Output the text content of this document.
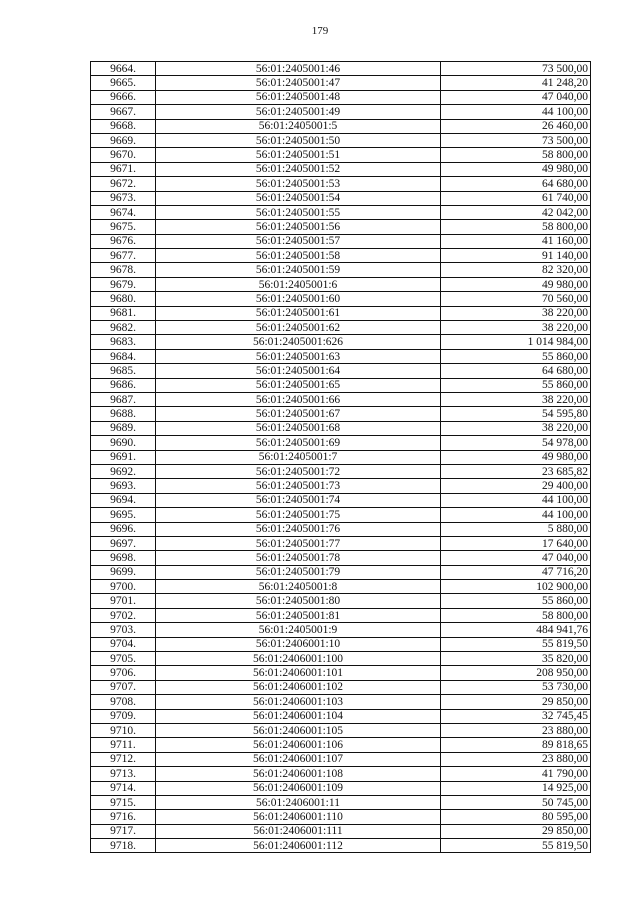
179
9664.	56:01:2405001:46	73 500,00
9665.	56:01:2405001:47	41 248,20
9666.	56:01:2405001:48	47 040,00
9667.	56:01:2405001:49	44 100,00
9668.	56:01:2405001:5	26 460,00
9669.	56:01:2405001:50	73 500,00
9670.	56:01:2405001:51	58 800,00
9671.	56:01:2405001:52	49 980,00
9672.	56:01:2405001:53	64 680,00
9673.	56:01:2405001:54	61 740,00
9674.	56:01:2405001:55	42 042,00
9675.	56:01:2405001:56	58 800,00
9676.	56:01:2405001:57	41 160,00
9677.	56:01:2405001:58	91 140,00
9678.	56:01:2405001:59	82 320,00
9679.	56:01:2405001:6	49 980,00
9680.	56:01:2405001:60	70 560,00
9681.	56:01:2405001:61	38 220,00
9682.	56:01:2405001:62	38 220,00
9683.	56:01:2405001:626	1 014 984,00
9684.	56:01:2405001:63	55 860,00
9685.	56:01:2405001:64	64 680,00
9686.	56:01:2405001:65	55 860,00
9687.	56:01:2405001:66	38 220,00
9688.	56:01:2405001:67	54 595,80
9689.	56:01:2405001:68	38 220,00
9690.	56:01:2405001:69	54 978,00
9691.	56:01:2405001:7	49 980,00
9692.	56:01:2405001:72	23 685,82
9693.	56:01:2405001:73	29 400,00
9694.	56:01:2405001:74	44 100,00
9695.	56:01:2405001:75	44 100,00
9696.	56:01:2405001:76	5 880,00
9697.	56:01:2405001:77	17 640,00
9698.	56:01:2405001:78	47 040,00
9699.	56:01:2405001:79	47 716,20
9700.	56:01:2405001:8	102 900,00
9701.	56:01:2405001:80	55 860,00
9702.	56:01:2405001:81	58 800,00
9703.	56:01:2405001:9	484 941,76
9704.	56:01:2406001:10	55 819,50
9705.	56:01:2406001:100	35 820,00
9706.	56:01:2406001:101	208 950,00
9707.	56:01:2406001:102	53 730,00
9708.	56:01:2406001:103	29 850,00
9709.	56:01:2406001:104	32 745,45
9710.	56:01:2406001:105	23 880,00
9711.	56:01:2406001:106	89 818,65
9712.	56:01:2406001:107	23 880,00
9713.	56:01:2406001:108	41 790,00
9714.	56:01:2406001:109	14 925,00
9715.	56:01:2406001:11	50 745,00
9716.	56:01:2406001:110	80 595,00
9717.	56:01:2406001:111	29 850,00
9718.	56:01:2406001:112	55 819,50
